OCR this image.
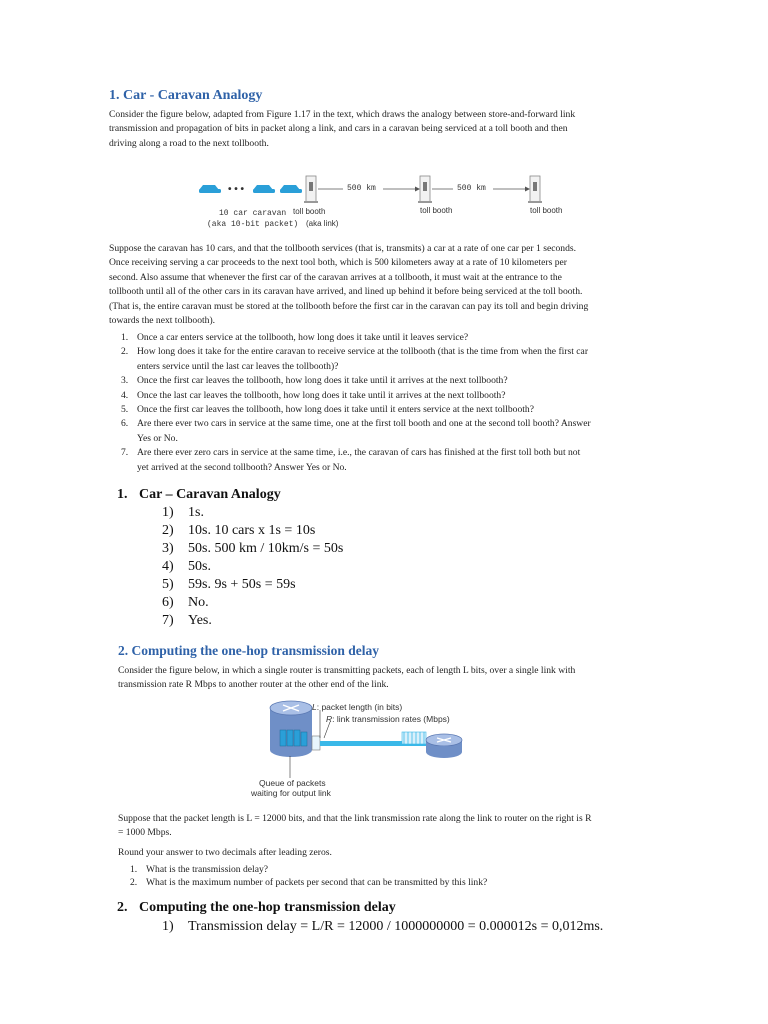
1. Car - Caravan Analogy

Consider the figure below, adapted from Figure 1.17 in the text, which draws the analogy between store-and-forward link

transmission and propagation of bits in packet along a link, and cars in a caravan being serviced at a toll booth and then

driving along a road to the next tollbooth.

• • •	500 km	500 km
10 car caravan
(aka 10-bit packet)
toll booth
(aka link)
toll booth	toll booth

Suppose the caravan has 10 cars, and that the tollbooth services (that is, transmits) a car at a rate of one car per 1 seconds.

Once receiving serving a car proceeds to the next tool both, which is 500 kilometers away at a rate of 10 kilometers per

second. Also assume that whenever the first car of the caravan arrives at a tollbooth, it must wait at the entrance to the

tollbooth until all of the other cars in its caravan have arrived, and lined up behind it before being serviced at the toll booth.

(That is, the entire caravan must be stored at the tollbooth before the first car in the caravan can pay its toll and begin driving

towards the next tollbooth).

1. Once a car enters service at the tollbooth, how long does it take until it leaves service?
2. How long does it take for the entire caravan to receive service at the tollbooth (that is the time from when the first car
enters service until the last car leaves the tollbooth)?
3. Once the first car leaves the tollbooth, how long does it take until it arrives at the next tollbooth?
4. Once the last car leaves the tollbooth, how long does it take until it arrives at the next tollbooth?
5. Once the first car leaves the tollbooth, how long does it take until it enters service at the next tollbooth?
6. Are there ever two cars in service at the same time, one at the first toll booth and one at the second toll booth? Answer
Yes or No.
7. Are there ever zero cars in service at the same time, i.e., the caravan of cars has finished at the first toll both but not
yet arrived at the second tollbooth? Answer Yes or No.
1. Car – Caravan Analogy
1) 1s.
2) 10s. 10 cars x 1s = 10s
3) 50s. 500 km / 10km/s = 50s
4) 50s.
5) 59s. 9s + 50s = 59s
6) No.
7) Yes.
2. Computing the one-hop transmission delay

Consider the figure below, in which a single router is transmitting packets, each of length L bits, over a single link with

transmission rate R Mbps to another router at the other end of the link.

L: packet length (in bits)
R: link transmission rates (Mbps)
Queue of packets
waiting for output link

Suppose that the packet length is L = 12000 bits, and that the link transmission rate along the link to router on the right is R

= 1000 Mbps.

Round your answer to two decimals after leading zeros.
1. What is the transmission delay?
2. What is the maximum number of packets per second that can be transmitted by this link?
2. Computing the one-hop transmission delay
1) Transmission delay = L/R = 12000 / 1000000000 = 0.000012s = 0,012ms.
